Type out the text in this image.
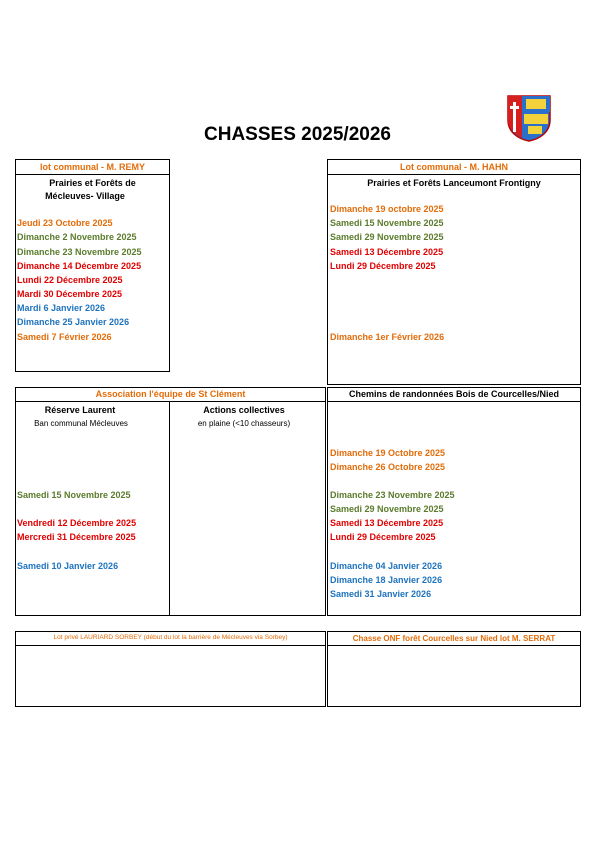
CHASSES 2025/2026
lot communal - M. REMY
Prairies et Forêts de
Mécleuves- Village
Jeudi 23 Octobre 2025
Dimanche 2 Novembre 2025
Dimanche 23 Novembre 2025
Dimanche 14 Décembre 2025
Lundi 22 Décembre 2025
Mardi 30 Décembre 2025
Mardi 6 Janvier 2026
Dimanche 25 Janvier 2026
Samedi 7 Février 2026
Lot communal - M. HAHN
Prairies et Forêts Lanceumont Frontigny
Dimanche 19 octobre 2025
Samedi 15 Novembre 2025
Samedi 29 Novembre 2025
Samedi 13 Décembre 2025
Lundi 29 Décembre 2025
Dimanche 1er Février 2026
Association l'équipe de St Clément
Réserve Laurent
Ban communal Mécleuves
Actions collectives
en plaine (<10 chasseurs)
Samedi 15 Novembre 2025
Vendredi 12 Décembre 2025
Mercredi 31 Décembre 2025
Samedi 10 Janvier 2026
Chemins de randonnées Bois de Courcelles/Nied
Dimanche 19 Octobre 2025
Dimanche 26 Octobre 2025
Dimanche 23 Novembre 2025
Samedi 29 Novembre 2025
Samedi 13 Décembre 2025
Lundi 29 Décembre 2025
Dimanche 04 Janvier 2026
Dimanche 18 Janvier 2026
Samedi 31 Janvier 2026
Lot privé LAURIARD SORBEY (début du lot la barrière de Mécleuves via Sorbey)	Chasse ONF forêt Courcelles sur Nied lot M. SERRAT
